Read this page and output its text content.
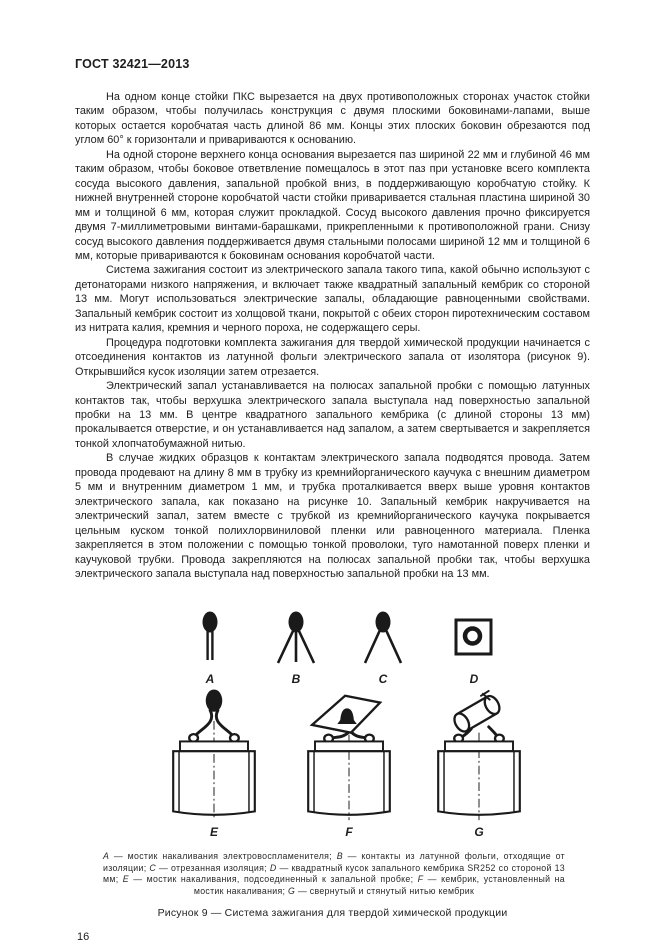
ГОСТ 32421—2013

На одном конце стойки ПКС вырезается на двух противоположных сторонах участок стойки таким образом, чтобы получилась конструкция с двумя плоскими боковинами-лапами, выше которых остается коробчатая часть длиной 86 мм. Концы этих плоских боковин обрезаются под углом 60° к горизонтали и привариваются к основанию.

На одной стороне верхнего конца основания вырезается паз шириной 22 мм и глубиной 46 мм таким образом, чтобы боковое ответвление помещалось в этот паз при установке всего комплекта сосуда высокого давления, запальной пробкой вниз, в поддерживающую коробчатую стойку. К нижней внутренней стороне коробчатой части стойки приваривается стальная пластина шириной 30 мм и толщиной 6 мм, которая служит прокладкой. Сосуд высокого давления прочно фиксируется двумя 7-миллиметровыми винтами-барашками, прикрепленными к противоположной грани. Снизу сосуд высокого давления поддерживается двумя стальными полосами шириной 12 мм и толщиной 6 мм, которые привариваются к боковинам основания коробчатой части.

Система зажигания состоит из электрического запала такого типа, какой обычно используют с детонаторами низкого напряжения, и включает также квадратный запальный кембрик со стороной 13 мм. Могут использоваться электрические запалы, обладающие равноценными свойствами. Запальный кембрик состоит из холщовой ткани, покрытой с обеих сторон пиротехническим составом из нитрата калия, кремния и черного пороха, не содержащего серы.

Процедура подготовки комплекта зажигания для твердой химической продукции начинается с отсоединения контактов из латунной фольги электрического запала от изолятора (рисунок 9). Открывшийся кусок изоляции затем отрезается.

Электрический запал устанавливается на полюсах запальной пробки с помощью латунных контактов так, чтобы верхушка электрического запала выступала над поверхностью запальной пробки на 13 мм. В центре квадратного запального кембрика (с длиной стороны 13 мм) прокалывается отверстие, и он устанавливается над запалом, а затем свертывается и закрепляется тонкой хлопчатобумажной нитью.

В случае жидких образцов к контактам электрического запала подводятся провода. Затем провода продевают на длину 8 мм в трубку из кремнийорганического каучука с внешним диаметром 5 мм и внутренним диаметром 1 мм, и трубка проталкивается вверх выше уровня контактов электрического запала, как показано на рисунке 10. Запальный кембрик накручивается на электрический запал, затем вместе с трубкой из кремнийорганического каучука покрывается цельным куском тонкой полихлорвиниловой пленки или равноценного материала. Пленка закрепляется в этом положении с помощью тонкой проволоки, туго намотанной поверх пленки и каучуковой трубки. Провода закрепляются на полюсах запальной пробки так, чтобы верхушка электрического запала выступала над поверхностью запальной пробки на 13 мм.

A	B	C	D
E	F	G

A — мостик накаливания электровоспламенителя; B — контакты из латунной фольги, отходящие от изоляции; C — отрезанная изоляция; D — квадратный кусок запального кембрика SR252 со стороной 13 мм; E — мостик накаливания, подсоединенный к запальной пробке; F — кембрик, установленный на мостик накаливания; G — свернутый и стянутый нитью кембрик

Рисунок 9 — Система зажигания для твердой химической продукции

16
